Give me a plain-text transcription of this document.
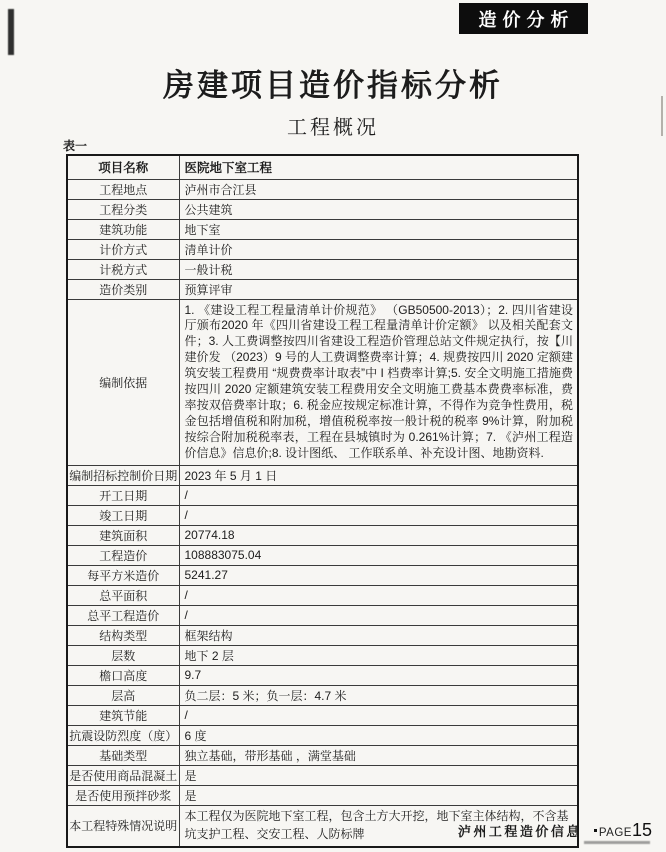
造价分析
房建项目造价指标分析
工程概况
表一
项目名称	医院地下室工程
工程地点	泸州市合江县
工程分类	公共建筑
建筑功能	地下室
计价方式	清单计价
计税方式	一般计税
造价类别	预算评审
编制依据	1. 《建设工程工程量清单计价规范》 （GB50500-2013）；2. 四川省建设厅颁布2020 年《四川省建设工程工程量清单计价定额》 以及相关配套文件；3. 人工费调整按四川省建设工程造价管理总站文件规定执行，按【川建价发 （2023）9 号的人工费调整费率计算；4. 规费按四川 2020 定额建筑安装工程费用 “规费费率计取表”中 I 档费率计算;5. 安全文明施工措施费按四川 2020 定额建筑安装工程费用安全文明施工费基本费费率标准，费率按双倍费率计取；6. 税金应按规定标准计算，不得作为竞争性费用，税金包括增值税和附加税，增值税税率按一般计税的税率 9%计算，附加税按综合附加税税率表，工程在县城镇时为 0.261%计算；7. 《泸州工程造价信息》信息价;8. 设计图纸、 工作联系单、补充设计图、地勘资料.
编制招标控制价日期	2023 年 5 月 1 日
开工日期	/
竣工日期	/
建筑面积	20774.18
工程造价	108883075.04
每平方米造价	5241.27
总平面积	/
总平工程造价	/
结构类型	框架结构
层数	地下 2 层
檐口高度	9.7
层高	负二层：5 米；负一层：4.7 米
建筑节能	/
抗震设防烈度（度）	6 度
基础类型	独立基础，带形基础 ，满堂基础
是否使用商品混凝土	是
是否使用预拌砂浆	是
本工程特殊情况说明	本工程仅为医院地下室工程，包含土方大开挖，地下室主体结构，不含基坑支护工程、交安工程、人防标牌	泸州工程造价信息 PAGE 15
